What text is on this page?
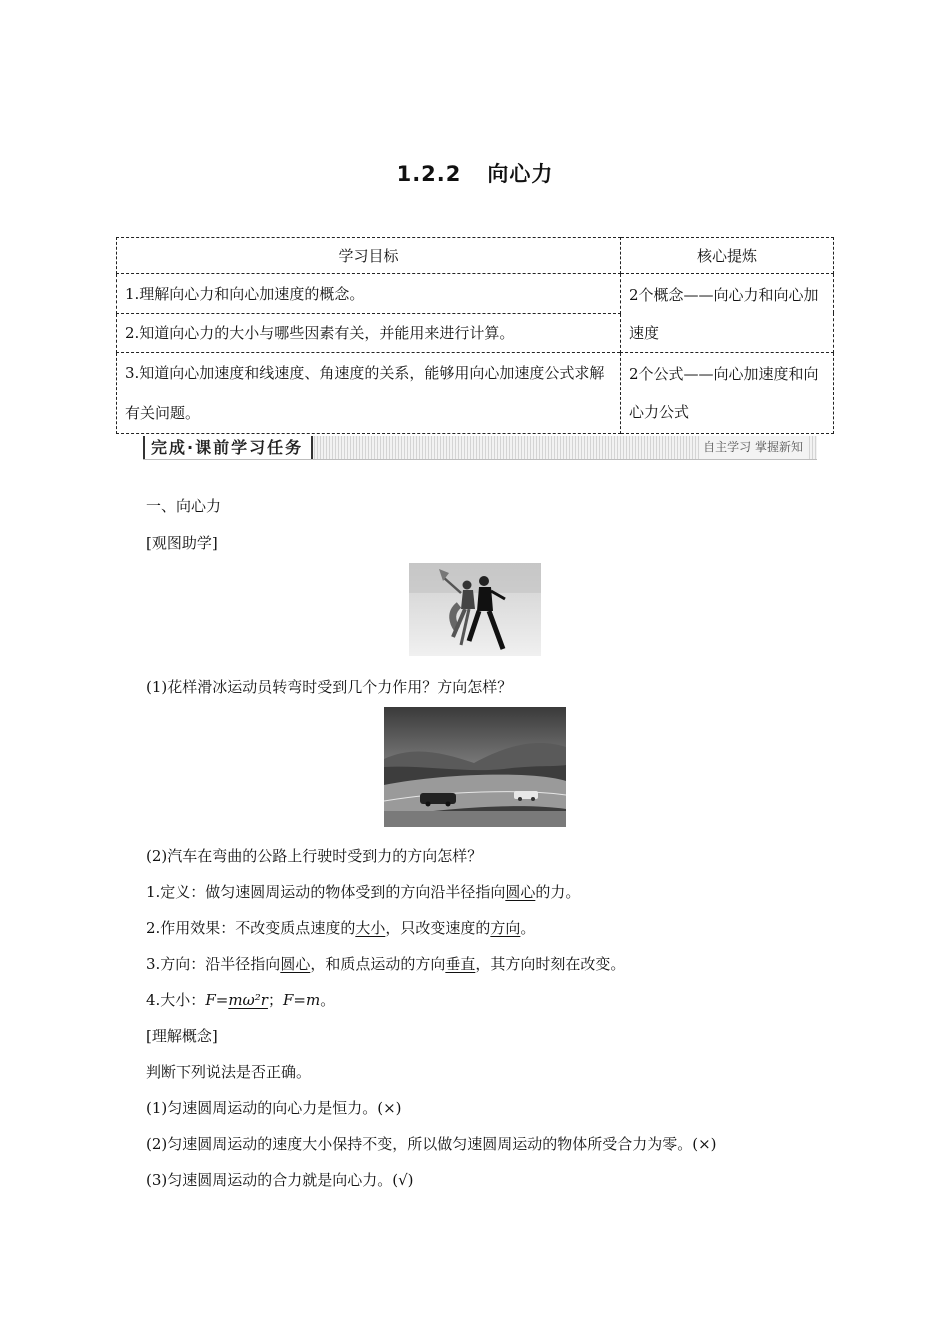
1.2.2 向心力
学习目标	核心提炼
1.理解向心力和向心加速度的概念。	2个概念——向心力和向心加速度
2.知道向心力的大小与哪些因素有关，并能用来进行计算。	
3.知道向心加速度和线速度、角速度的关系，能够用向心加速度公式求解有关问题。	2个公式——向心加速度和向心力公式
完成·课前学习任务	自主学习 掌握新知
一、向心力
[观图助学]
(1)花样滑冰运动员转弯时受到几个力作用？方向怎样？
(2)汽车在弯曲的公路上行驶时受到力的方向怎样？
1.定义：做匀速圆周运动的物体受到的方向沿半径指向圆心的力。
2.作用效果：不改变质点速度的大小，只改变速度的方向。
3.方向：沿半径指向圆心，和质点运动的方向垂直，其方向时刻在改变。
4.大小：F=mω²r；F=m。
[理解概念]
判断下列说法是否正确。
(1)匀速圆周运动的向心力是恒力。(×)
(2)匀速圆周运动的速度大小保持不变，所以做匀速圆周运动的物体所受合力为零。(×)
(3)匀速圆周运动的合力就是向心力。(√)
